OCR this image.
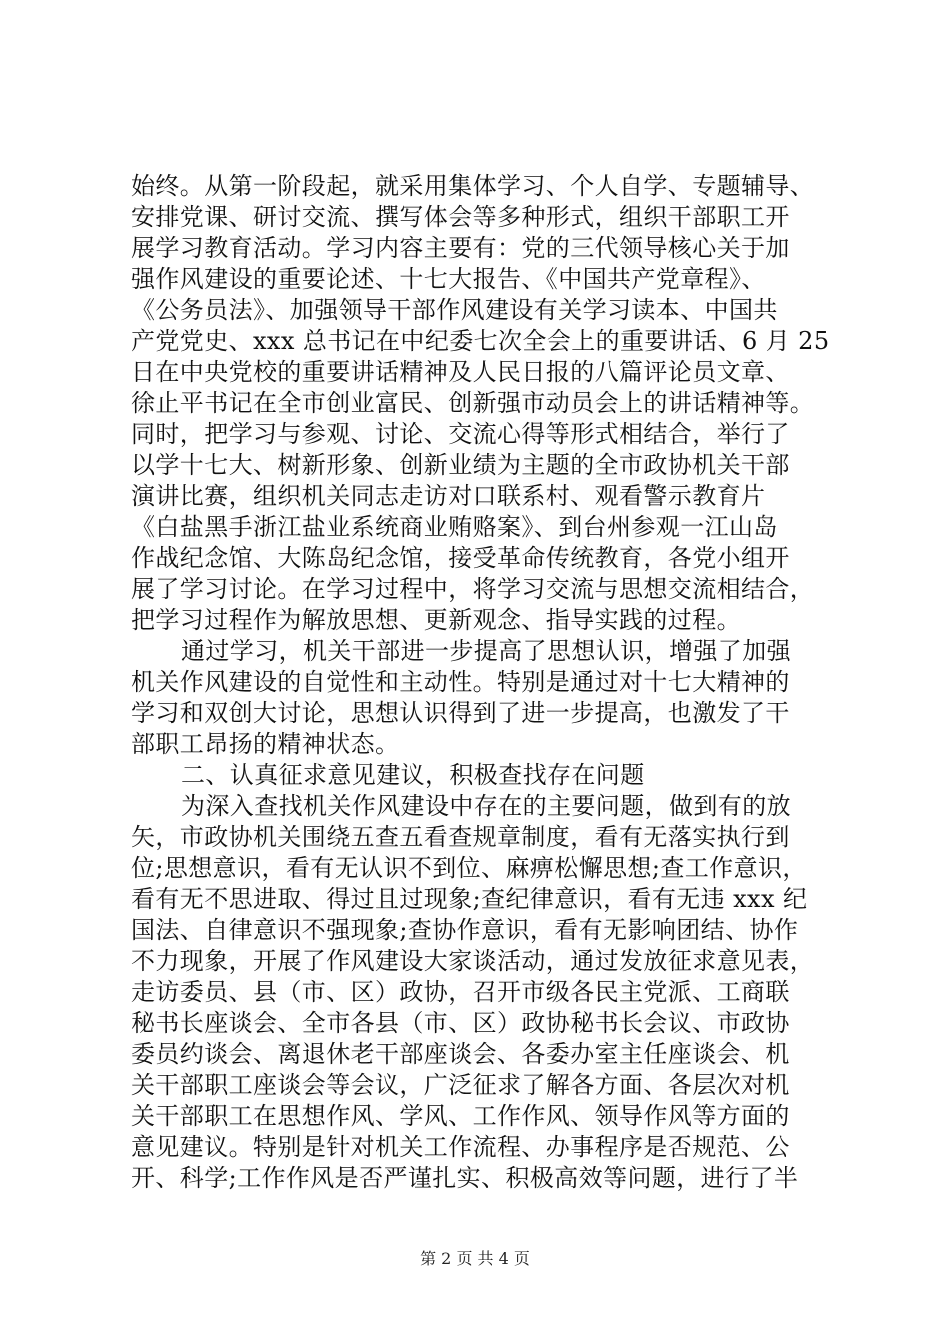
始终。从第一阶段起，就采用集体学习、个人自学、专题辅导、
安排党课、研讨交流、撰写体会等多种形式，组织干部职工开
展学习教育活动。学习内容主要有：党的三代领导核心关于加
强作风建设的重要论述、十七大报告、《中国共产党章程》、
《公务员法》、加强领导干部作风建设有关学习读本、中国共
产党党史、xxx 总书记在中纪委七次全会上的重要讲话、6 月 25
日在中央党校的重要讲话精神及人民日报的八篇评论员文章、
徐止平书记在全市创业富民、创新强市动员会上的讲话精神等。
同时，把学习与参观、讨论、交流心得等形式相结合，举行了
以学十七大、树新形象、创新业绩为主题的全市政协机关干部
演讲比赛，组织机关同志走访对口联系村、观看警示教育片
《白盐黑手浙江盐业系统商业贿赂案》、到台州参观一江山岛
作战纪念馆、大陈岛纪念馆，接受革命传统教育，各党小组开
展了学习讨论。在学习过程中，将学习交流与思想交流相结合，
把学习过程作为解放思想、更新观念、指导实践的过程。
通过学习，机关干部进一步提高了思想认识，增强了加强
机关作风建设的自觉性和主动性。特别是通过对十七大精神的
学习和双创大讨论，思想认识得到了进一步提高，也激发了干
部职工昂扬的精神状态。
二、认真征求意见建议，积极查找存在问题
为深入查找机关作风建设中存在的主要问题，做到有的放
矢，市政协机关围绕五查五看查规章制度，看有无落实执行到
位;思想意识，看有无认识不到位、麻痹松懈思想;查工作意识，
看有无不思进取、得过且过现象;查纪律意识，看有无违 xxx 纪
国法、自律意识不强现象;查协作意识，看有无影响团结、协作
不力现象，开展了作风建设大家谈活动，通过发放征求意见表，
走访委员、县（市、区）政协，召开市级各民主党派、工商联
秘书长座谈会、全市各县（市、区）政协秘书长会议、市政协
委员约谈会、离退休老干部座谈会、各委办室主任座谈会、机
关干部职工座谈会等会议，广泛征求了解各方面、各层次对机
关干部职工在思想作风、学风、工作作风、领导作风等方面的
意见建议。特别是针对机关工作流程、办事程序是否规范、公
开、科学;工作作风是否严谨扎实、积极高效等问题，进行了半
第 2 页 共 4 页
